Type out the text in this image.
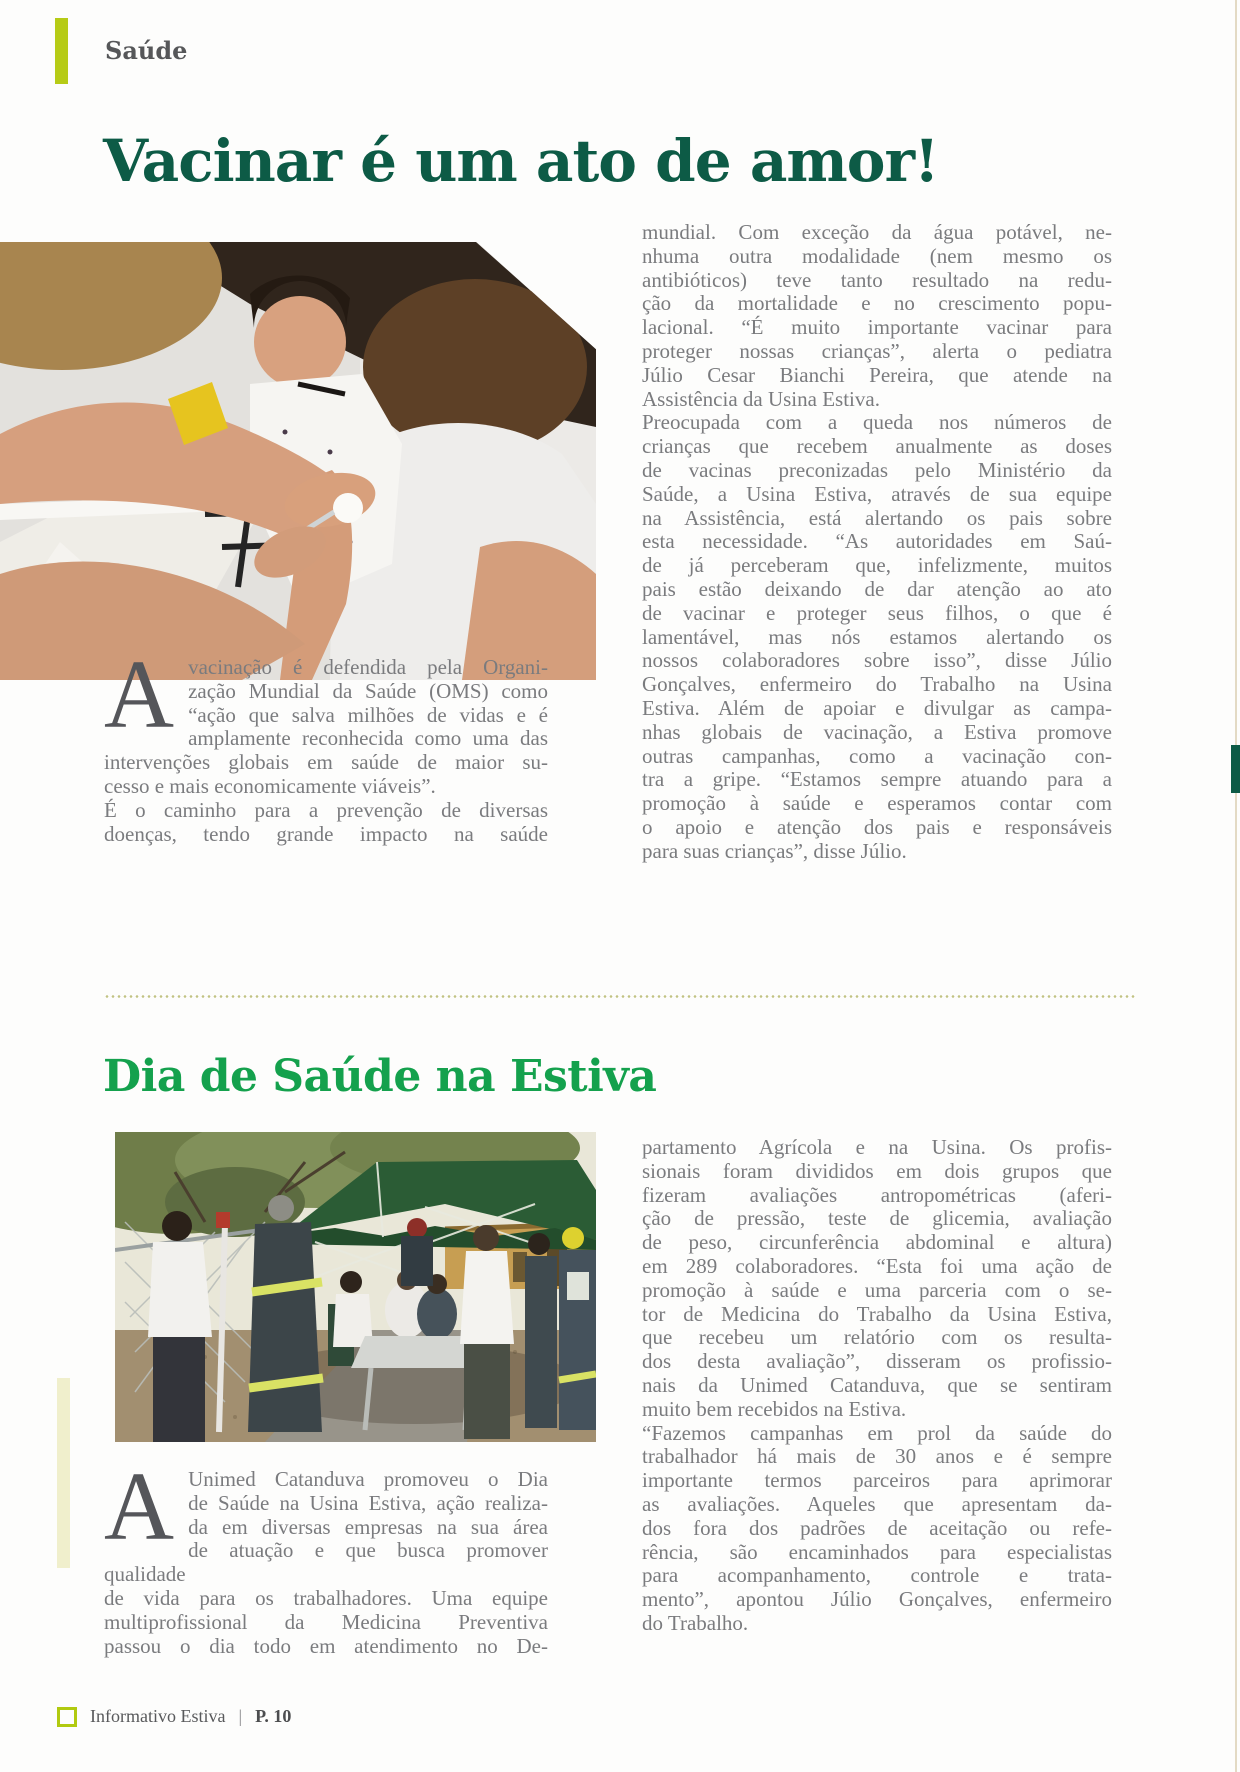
Saúde
Vacinar é um ato de amor!
A vacinação é defendida pela Organi-
zação Mundial da Saúde (OMS) como
“ação que salva milhões de vidas e é
amplamente reconhecida como uma das
intervenções globais em saúde de maior su-
cesso e mais economicamente viáveis”.
É o caminho para a prevenção de diversas
doenças, tendo grande impacto na saúde
mundial. Com exceção da água potável, ne-
nhuma outra modalidade (nem mesmo os
antibióticos) teve tanto resultado na redu-
ção da mortalidade e no crescimento popu-
lacional. “É muito importante vacinar para
proteger nossas crianças”, alerta o pediatra
Júlio Cesar Bianchi Pereira, que atende na
Assistência da Usina Estiva.
Preocupada com a queda nos números de
crianças que recebem anualmente as doses
de vacinas preconizadas pelo Ministério da
Saúde, a Usina Estiva, através de sua equipe
na Assistência, está alertando os pais sobre
esta necessidade. “As autoridades em Saú-
de já perceberam que, infelizmente, muitos
pais estão deixando de dar atenção ao ato
de vacinar e proteger seus filhos, o que é
lamentável, mas nós estamos alertando os
nossos colaboradores sobre isso”, disse Júlio
Gonçalves, enfermeiro do Trabalho na Usina
Estiva. Além de apoiar e divulgar as campa-
nhas globais de vacinação, a Estiva promove
outras campanhas, como a vacinação con-
tra a gripe. “Estamos sempre atuando para a
promoção à saúde e esperamos contar com
o apoio e atenção dos pais e responsáveis
para suas crianças”, disse Júlio.
Dia de Saúde na Estiva
A Unimed Catanduva promoveu o Dia
de Saúde na Usina Estiva, ação realiza-
da em diversas empresas na sua área
de atuação e que busca promover qualidade
de vida para os trabalhadores. Uma equipe
multiprofissional da Medicina Preventiva
passou o dia todo em atendimento no De-
partamento Agrícola e na Usina. Os profis-
sionais foram divididos em dois grupos que
fizeram avaliações antropométricas (aferi-
ção de pressão, teste de glicemia, avaliação
de peso, circunferência abdominal e altura)
em 289 colaboradores. “Esta foi uma ação de
promoção à saúde e uma parceria com o se-
tor de Medicina do Trabalho da Usina Estiva,
que recebeu um relatório com os resulta-
dos desta avaliação”, disseram os profissio-
nais da Unimed Catanduva, que se sentiram
muito bem recebidos na Estiva.
“Fazemos campanhas em prol da saúde do
trabalhador há mais de 30 anos e é sempre
importante termos parceiros para aprimorar
as avaliações. Aqueles que apresentam da-
dos fora dos padrões de aceitação ou refe-
rência, são encaminhados para especialistas
para acompanhamento, controle e trata-
mento”, apontou Júlio Gonçalves, enfermeiro
do Trabalho.
Informativo Estiva | P. 10
